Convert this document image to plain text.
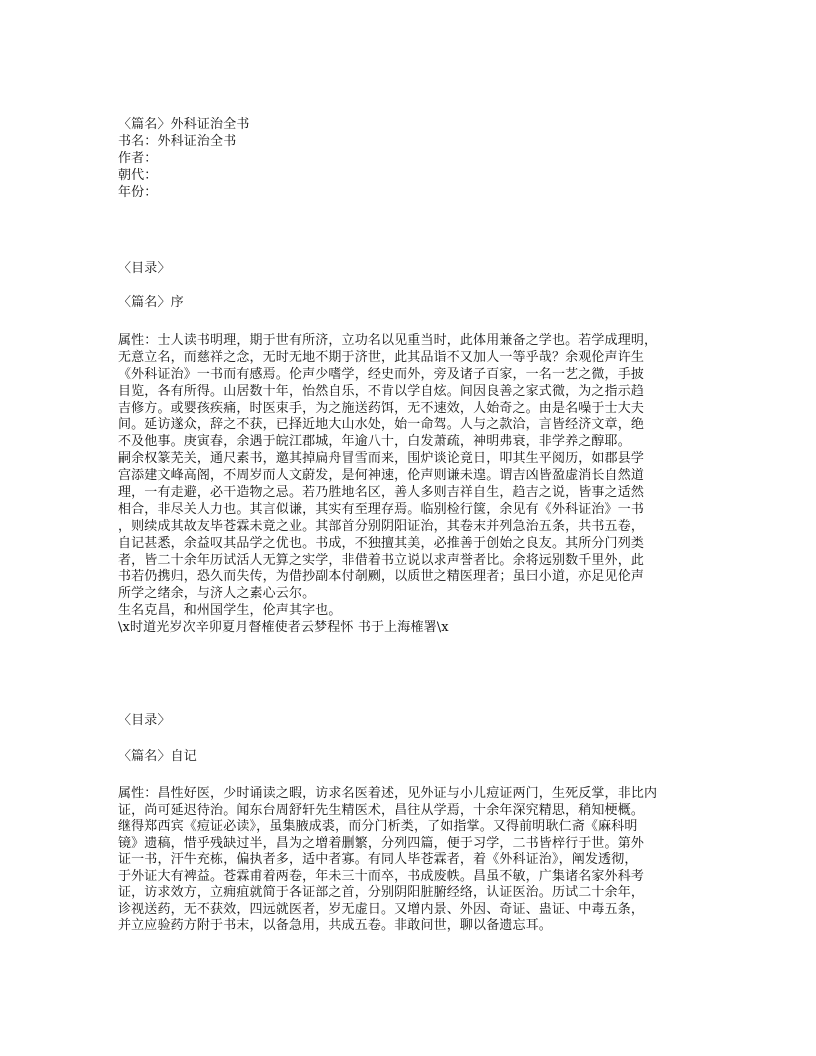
〈篇名〉外科证治全书
书名：外科证治全书
作者：
朝代：
年份：
〈目录〉
〈篇名〉序
属性：士人读书明理，期于世有所济，立功名以见重当时，此体用兼备之学也。若学成理明，
无意立名，而慈祥之念，无时无地不期于济世，此其品诣不又加人一等乎哉？余观伦声许生
《外科证治》一书而有感焉。伦声少嗜学，经史而外，旁及诸子百家，一名一艺之微，手披
目览，各有所得。山居数十年，怡然自乐，不肯以学自炫。间因良善之家式微，为之指示趋
吉修方。或婴孩疾痛，时医束手，为之施送药饵，无不速效，人始奇之。由是名噪于士大夫
间。延访遂众，辞之不获，已择近地大山水处，始一命驾。人与之款洽，言皆经济文章，绝
不及他事。庚寅春，余遇于皖江郡城，年逾八十，白发萧疏，神明弗衰，非学养之醇耶。
嗣余权篆芜关，通尺素书，邀其掉扁舟冒雪而来，围炉谈论竟日，叩其生平阅历，如郡县学
宫添建文峰高阁，不周岁而人文蔚发，是何神速，伦声则谦未遑。谓吉凶皆盈虚消长自然道
理，一有走避，必干造物之忌。若乃胜地名区，善人多则吉祥自生，趋吉之说，皆事之适然
相合，非尽关人力也。其言似谦，其实有至理存焉。临别检行箧，余见有《外科证治》一书
，则续成其故友毕苍霖未竟之业。其部首分别阴阳证治，其卷末并列急治五条，共书五卷，
自记甚悉，余益叹其品学之优也。书成，不独擅其美，必推善于创始之良友。其所分门列类
者，皆二十余年历试活人无算之实学，非借着书立说以求声誉者比。余将远别数千里外，此
书若仍携归，恐久而失传，为借抄副本付剞劂，以质世之精医理者；虽曰小道，亦足见伦声
所学之绪余，与济人之素心云尔。
生名克昌，和州国学生，伦声其字也。
\x时道光岁次辛卯夏月督榷使者云梦程怀 书于上海榷署\x
〈目录〉
〈篇名〉自记
属性：昌性好医，少时诵读之暇，访求名医着述，见外证与小儿痘证两门，生死反掌，非比内
证，尚可延迟待治。闻东台周舒轩先生精医术，昌往从学焉，十余年深究精思，稍知梗概。
继得郑西宾《痘证必读》，虽集腋成裘，而分门析类，了如指掌。又得前明耿仁斋《麻科明
镜》遗稿，惜乎残缺过半，昌为之增着删繁，分列四篇，便于习学，二书皆梓行于世。第外
证一书，汗牛充栋，偏执者多，适中者寡。有同人毕苍霖者，着《外科证治》，阐发透彻，
于外证大有裨益。苍霖甫着两卷，年未三十而卒，书成废帙。昌虽不敏，广集诸名家外科考
证，访求效方，立痈疽就简于各证部之首，分别阴阳脏腑经络，认证医治。历试二十余年，
诊视送药，无不获效，四远就医者，岁无虚日。又增内景、外因、奇证、蛊证、中毒五条，
并立应验药方附于书末，以备急用，共成五卷。非敢问世，聊以备遗忘耳。
